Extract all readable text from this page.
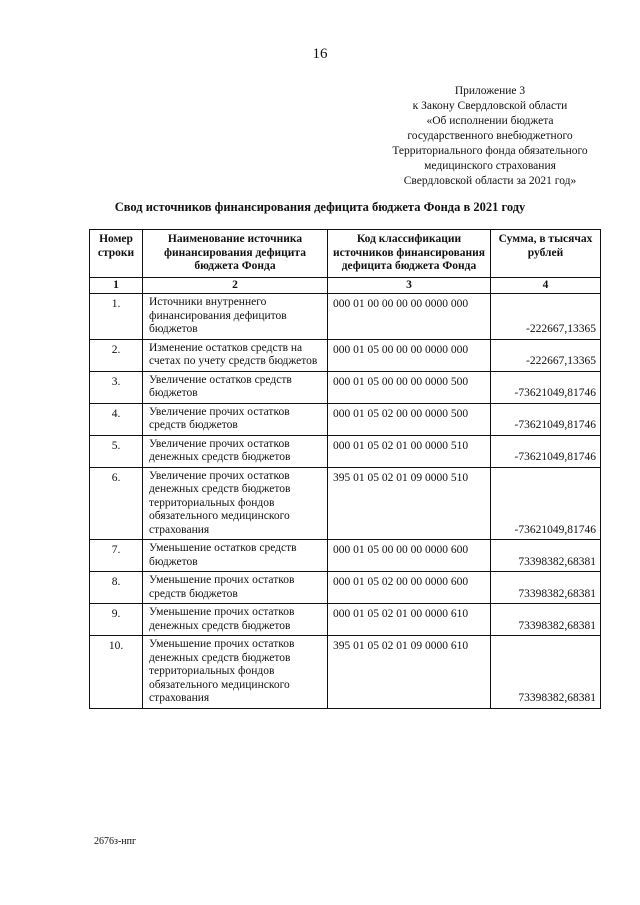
16
Приложение 3
к Закону Свердловской области
«Об исполнении бюджета
государственного внебюджетного
Территориального фонда обязательного
медицинского страхования
Свердловской области за 2021 год»
Свод источников финансирования дефицита бюджета Фонда в 2021 году
Номер строки	Наименование источника финансирования дефицита бюджета Фонда	Код классификации источников финансирования дефицита бюджета Фонда	Сумма, в тысячах рублей
1	2	3	4
1.	Источники внутреннего финансирования дефицитов бюджетов	000 01 00 00 00 00 0000 000	-222667,13365
2.	Изменение остатков средств на счетах по учету средств бюджетов	000 01 05 00 00 00 0000 000	-222667,13365
3.	Увеличение остатков средств бюджетов	000 01 05 00 00 00 0000 500	-73621049,81746
4.	Увеличение прочих остатков средств бюджетов	000 01 05 02 00 00 0000 500	-73621049,81746
5.	Увеличение прочих остатков денежных средств бюджетов	000 01 05 02 01 00 0000 510	-73621049,81746
6.	Увеличение прочих остатков денежных средств бюджетов территориальных фондов обязательного медицинского страхования	395 01 05 02 01 09 0000 510	-73621049,81746
7.	Уменьшение остатков средств бюджетов	000 01 05 00 00 00 0000 600	73398382,68381
8.	Уменьшение прочих остатков средств бюджетов	000 01 05 02 00 00 0000 600	73398382,68381
9.	Уменьшение прочих остатков денежных средств бюджетов	000 01 05 02 01 00 0000 610	73398382,68381
10.	Уменьшение прочих остатков денежных средств бюджетов территориальных фондов обязательного медицинского страхования	395 01 05 02 01 09 0000 610	73398382,68381
2676з-нпг
